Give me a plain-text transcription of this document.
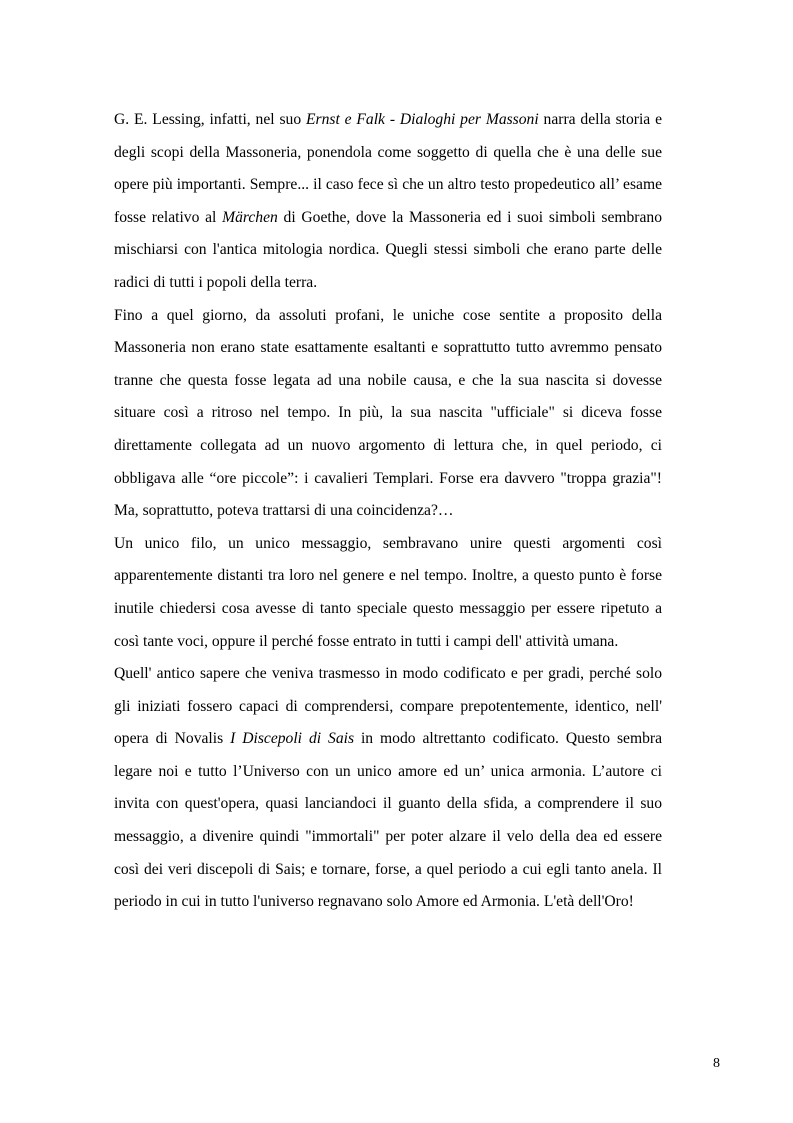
G. E. Lessing, infatti, nel suo Ernst e Falk - Dialoghi per Massoni narra della storia e degli scopi della Massoneria, ponendola come soggetto di quella che è una delle sue opere più importanti. Sempre... il caso fece sì che un altro testo propedeutico all’ esame fosse relativo al Märchen di Goethe, dove la Massoneria ed i suoi simboli sembrano mischiarsi con l'antica mitologia nordica. Quegli stessi simboli che erano parte delle radici di tutti i popoli della terra.

Fino a quel giorno, da assoluti profani, le uniche cose sentite a proposito della Massoneria non erano state esattamente esaltanti e soprattutto tutto avremmo pensato tranne che questa fosse legata ad una nobile causa, e che la sua nascita si dovesse situare così a ritroso nel tempo. In più, la sua nascita "ufficiale" si diceva fosse direttamente collegata ad un nuovo argomento di lettura che, in quel periodo, ci obbligava alle “ore piccole”: i cavalieri Templari. Forse era davvero "troppa grazia"! Ma, soprattutto, poteva trattarsi di una coincidenza?…

Un unico filo, un unico messaggio, sembravano unire questi argomenti così apparentemente distanti tra loro nel genere e nel tempo. Inoltre, a questo punto è forse inutile chiedersi cosa avesse di tanto speciale questo messaggio per essere ripetuto a così tante voci, oppure il perché fosse entrato in tutti i campi dell' attività umana.

Quell' antico sapere che veniva trasmesso in modo codificato e per gradi, perché solo gli iniziati fossero capaci di comprendersi, compare prepotentemente, identico, nell' opera di Novalis I Discepoli di Sais in modo altrettanto codificato. Questo sembra legare noi e tutto l’Universo con un unico amore ed un’ unica armonia. L’autore ci invita con quest'opera, quasi lanciandoci il guanto della sfida, a comprendere il suo messaggio, a divenire quindi "immortali" per poter alzare il velo della dea ed essere così dei veri discepoli di Sais; e tornare, forse, a quel periodo a cui egli tanto anela. Il periodo in cui in tutto l'universo regnavano solo Amore ed Armonia. L'età dell'Oro!

8
